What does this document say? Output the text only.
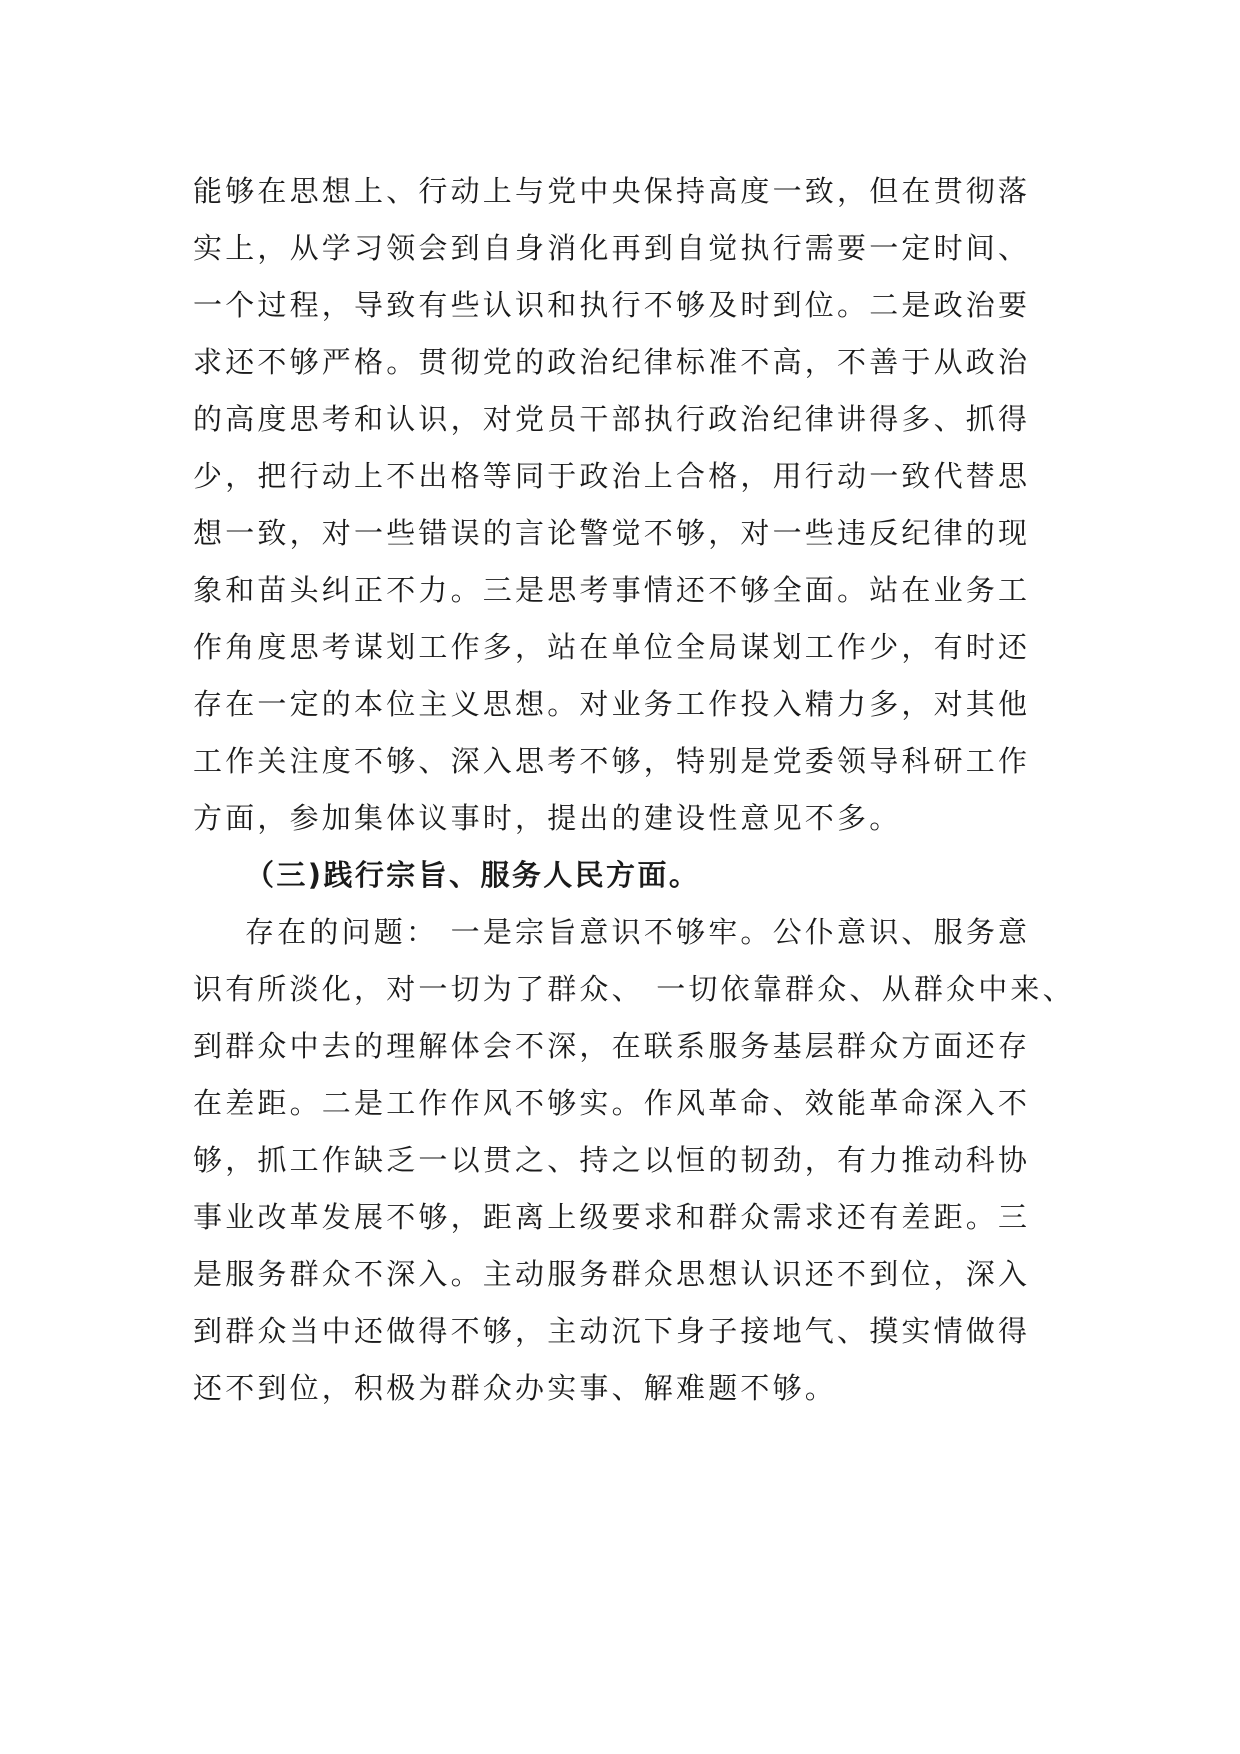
能够在思想上、行动上与党中央保持高度一致，但在贯彻落
实上，从学习领会到自身消化再到自觉执行需要一定时间、
一个过程，导致有些认识和执行不够及时到位。二是政治要
求还不够严格。贯彻党的政治纪律标准不高，不善于从政治
的高度思考和认识，对党员干部执行政治纪律讲得多、抓得
少，把行动上不出格等同于政治上合格，用行动一致代替思
想一致，对一些错误的言论警觉不够，对一些违反纪律的现
象和苗头纠正不力。三是思考事情还不够全面。站在业务工
作角度思考谋划工作多，站在单位全局谋划工作少，有时还
存在一定的本位主义思想。对业务工作投入精力多，对其他
工作关注度不够、深入思考不够，特别是党委领导科研工作
方面，参加集体议事时，提出的建设性意见不多。
（三)践行宗旨、服务人民方面。
存在的问题： 一是宗旨意识不够牢。公仆意识、服务意
识有所淡化，对一切为了群众、 一切依靠群众、从群众中来、
到群众中去的理解体会不深，在联系服务基层群众方面还存
在差距。二是工作作风不够实。作风革命、效能革命深入不
够，抓工作缺乏一以贯之、持之以恒的韧劲，有力推动科协
事业改革发展不够，距离上级要求和群众需求还有差距。三
是服务群众不深入。主动服务群众思想认识还不到位，深入
到群众当中还做得不够，主动沉下身子接地气、摸实情做得
还不到位，积极为群众办实事、解难题不够。
